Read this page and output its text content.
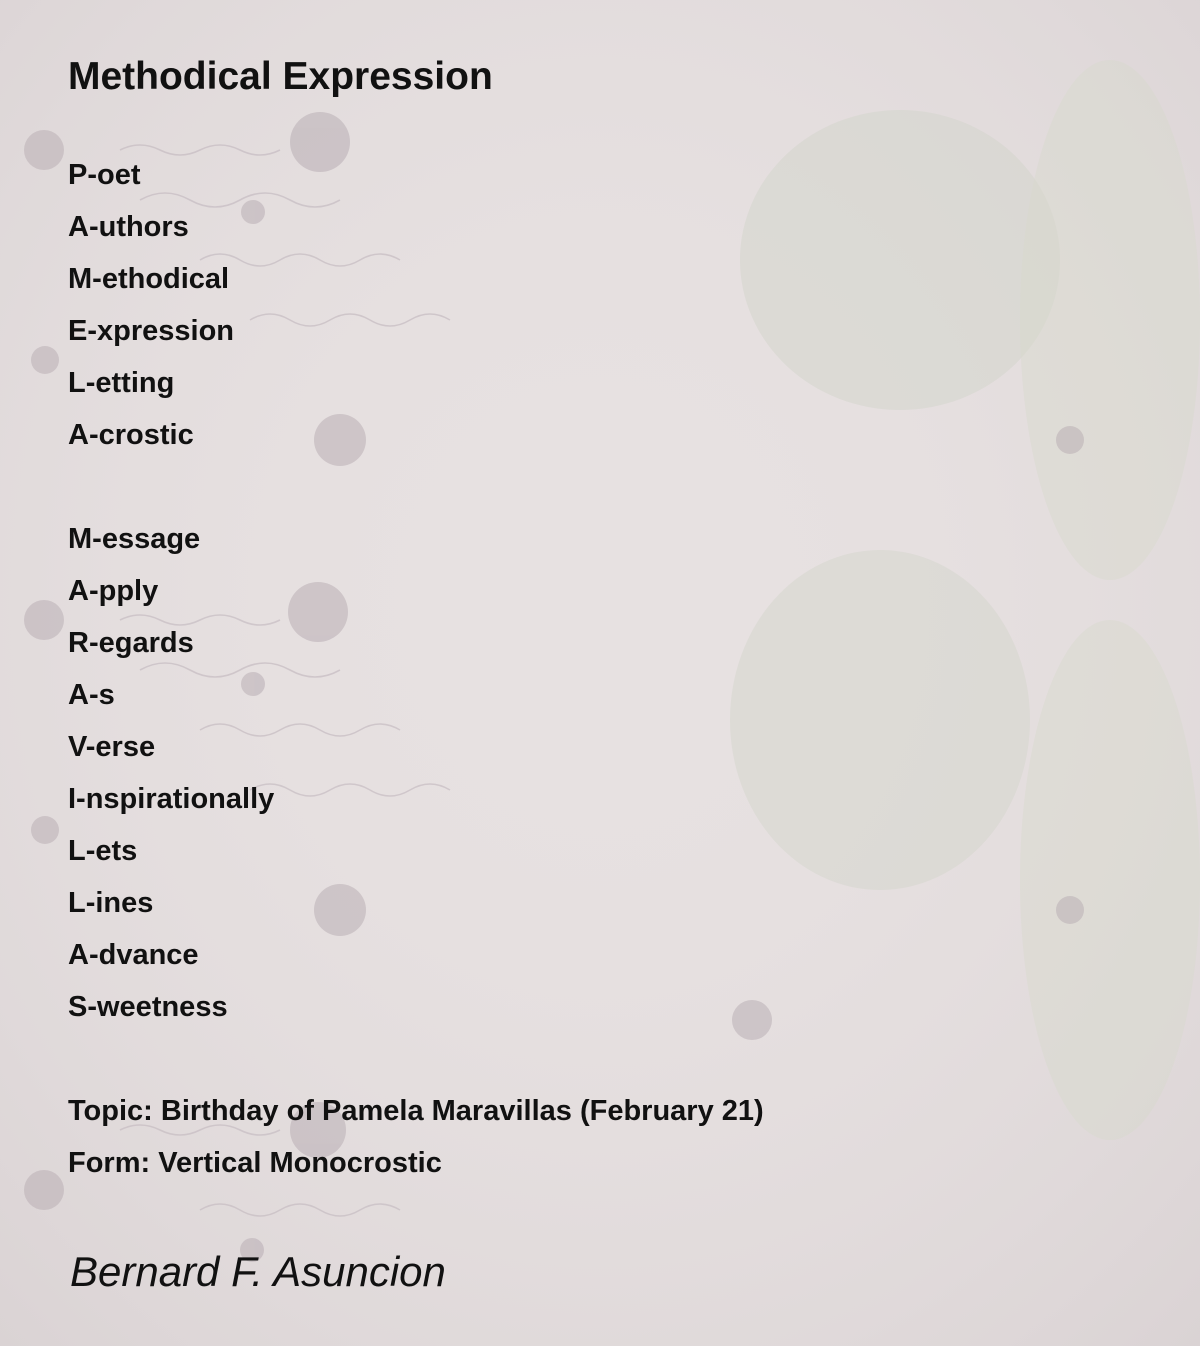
Methodical Expression
P-oet
A-uthors
M-ethodical
E-xpression
L-etting
A-crostic
M-essage
A-pply
R-egards
A-s
V-erse
I-nspirationally
L-ets
L-ines
A-dvance
S-weetness
Topic: Birthday of Pamela Maravillas (February 21)
Form: Vertical Monocrostic

Bernard F. Asuncion
